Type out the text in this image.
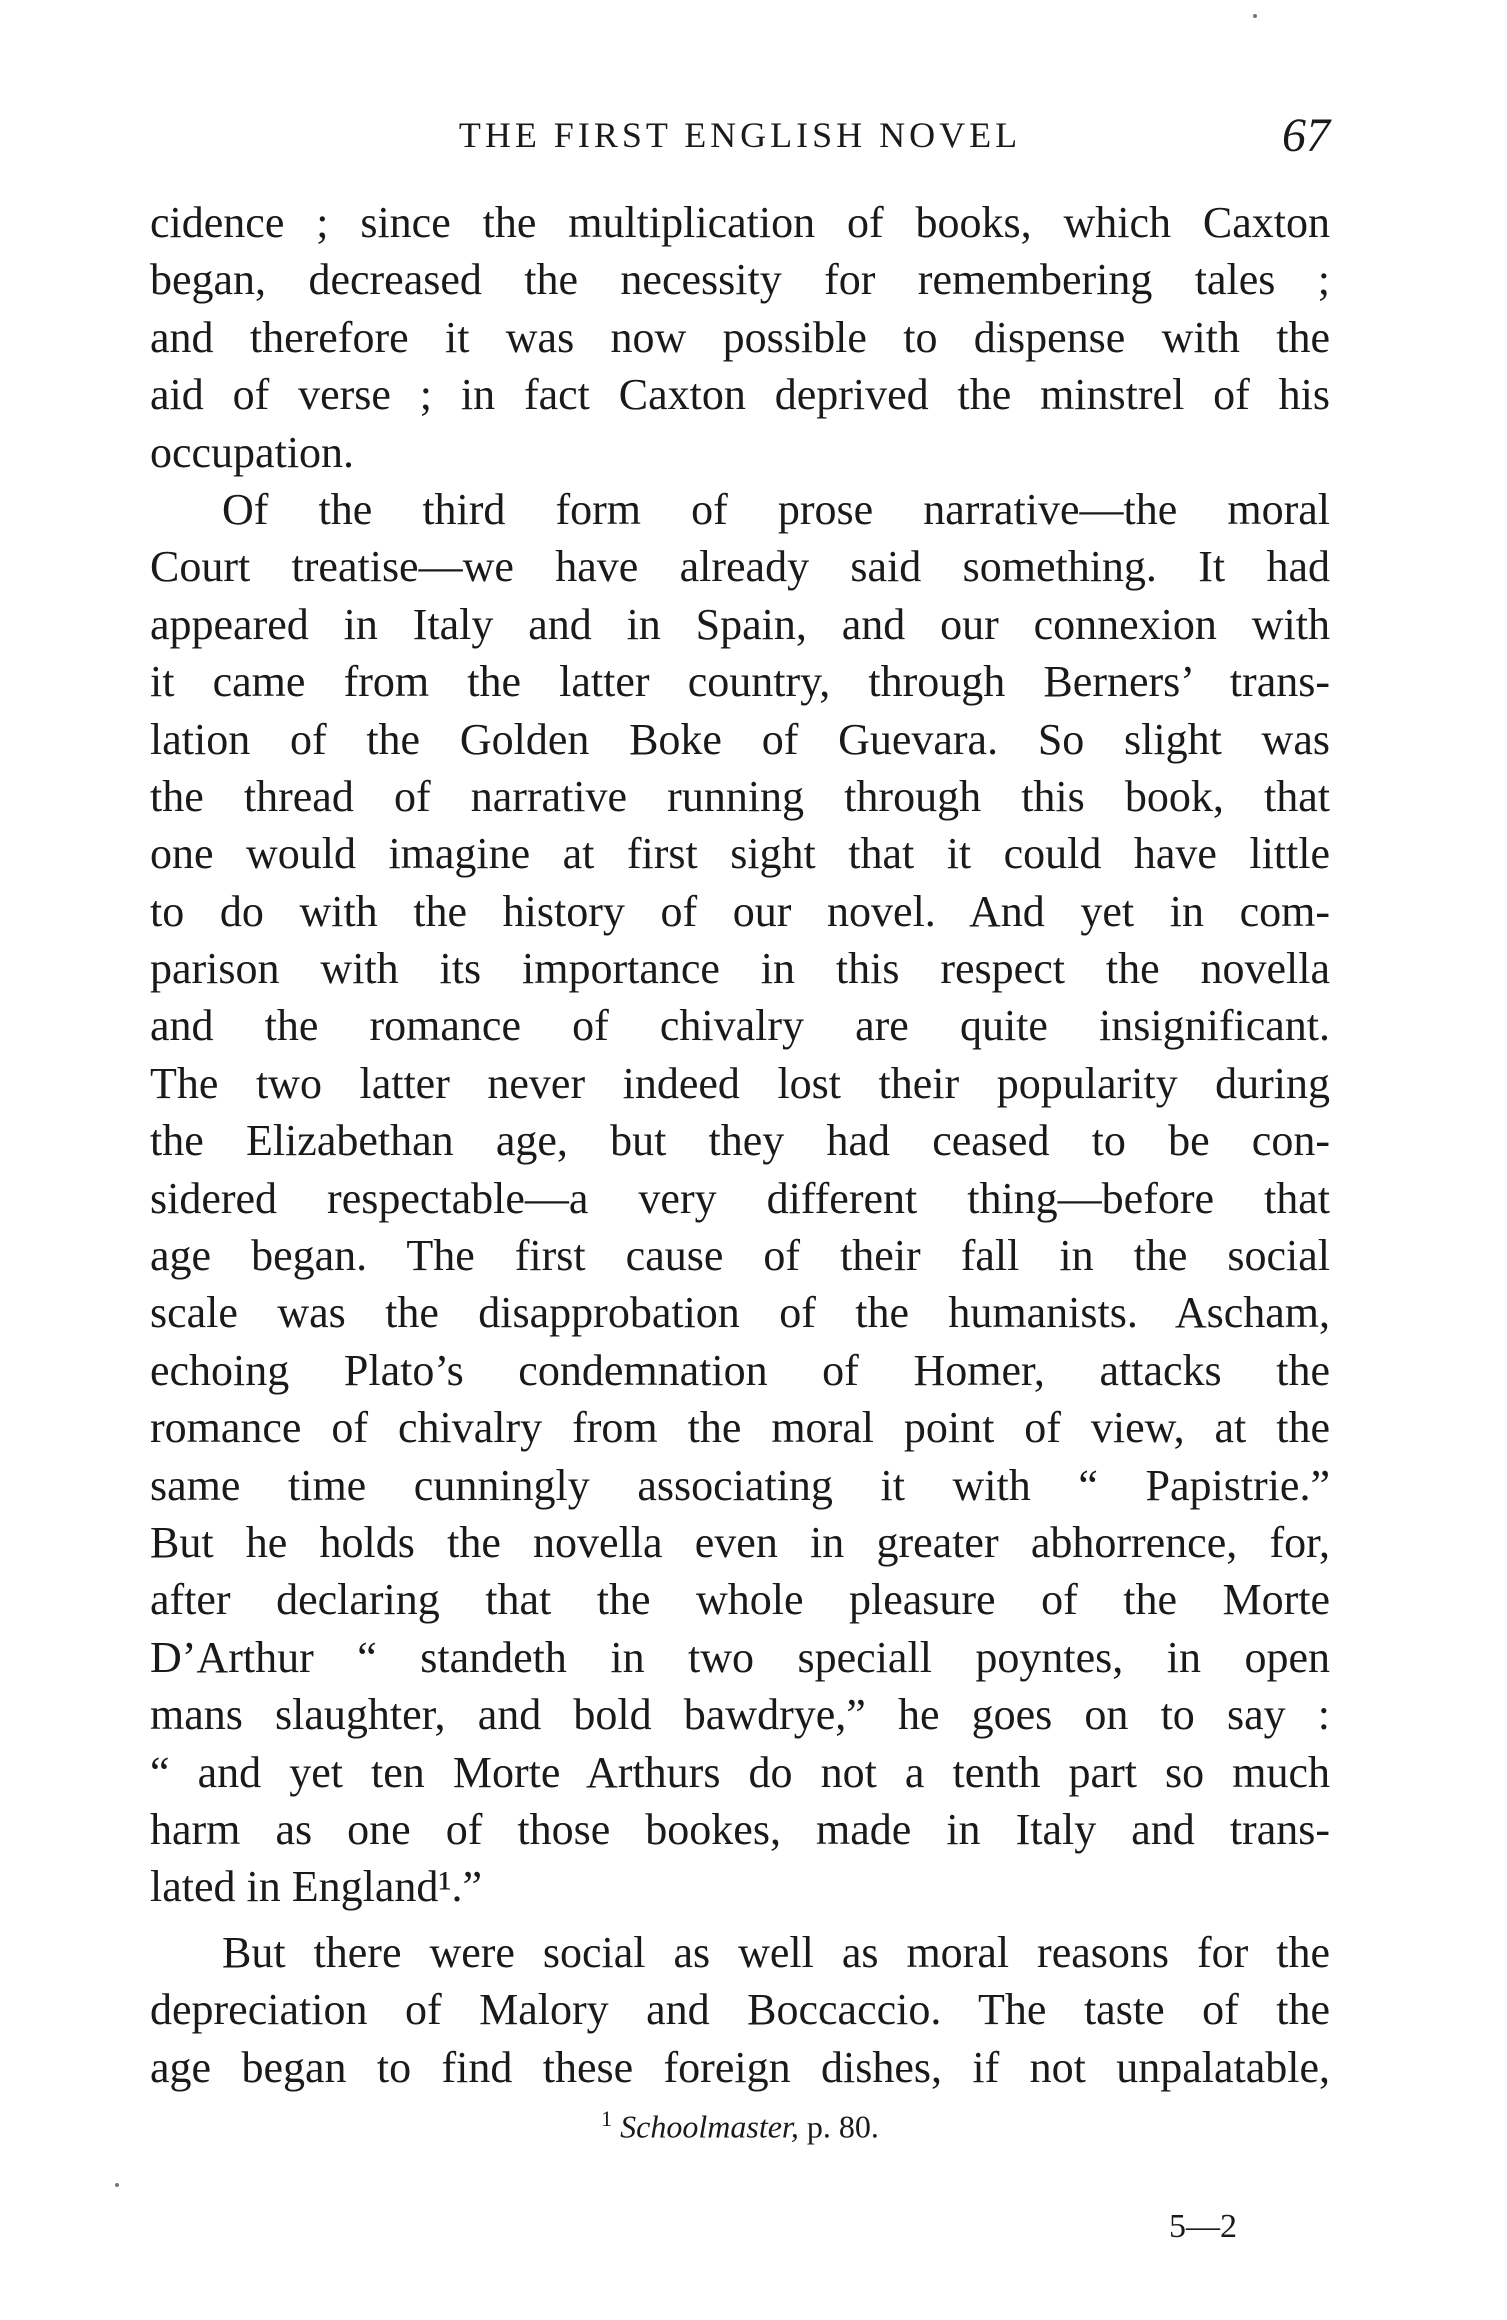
THE FIRST ENGLISH NOVEL	67
cidence ; since the multiplication of books, which Caxton
began, decreased the necessity for remembering tales ;
and therefore it was now possible to dispense with the
aid of verse ; in fact Caxton deprived the minstrel of his
occupation.
Of the third form of prose narrative—the moral
Court treatise—we have already said something. It had
appeared in Italy and in Spain, and our connexion with
it came from the latter country, through Berners’ trans-
lation of the Golden Boke of Guevara. So slight was
the thread of narrative running through this book, that
one would imagine at first sight that it could have little
to do with the history of our novel. And yet in com-
parison with its importance in this respect the novella
and the romance of chivalry are quite insignificant.
The two latter never indeed lost their popularity during
the Elizabethan age, but they had ceased to be con-
sidered respectable—a very different thing—before that
age began. The first cause of their fall in the social
scale was the disapprobation of the humanists. Ascham,
echoing Plato’s condemnation of Homer, attacks the
romance of chivalry from the moral point of view, at the
same time cunningly associating it with “ Papistrie.”
But he holds the novella even in greater abhorrence, for,
after declaring that the whole pleasure of the Morte
D’Arthur “ standeth in two speciall poyntes, in open
mans slaughter, and bold bawdrye,” he goes on to say :
“ and yet ten Morte Arthurs do not a tenth part so much
harm as one of those bookes, made in Italy and trans-
lated in England¹.”
But there were social as well as moral reasons for the
depreciation of Malory and Boccaccio. The taste of the
age began to find these foreign dishes, if not unpalatable,
$^1$ Schoolmaster, p. 80.
5—2
